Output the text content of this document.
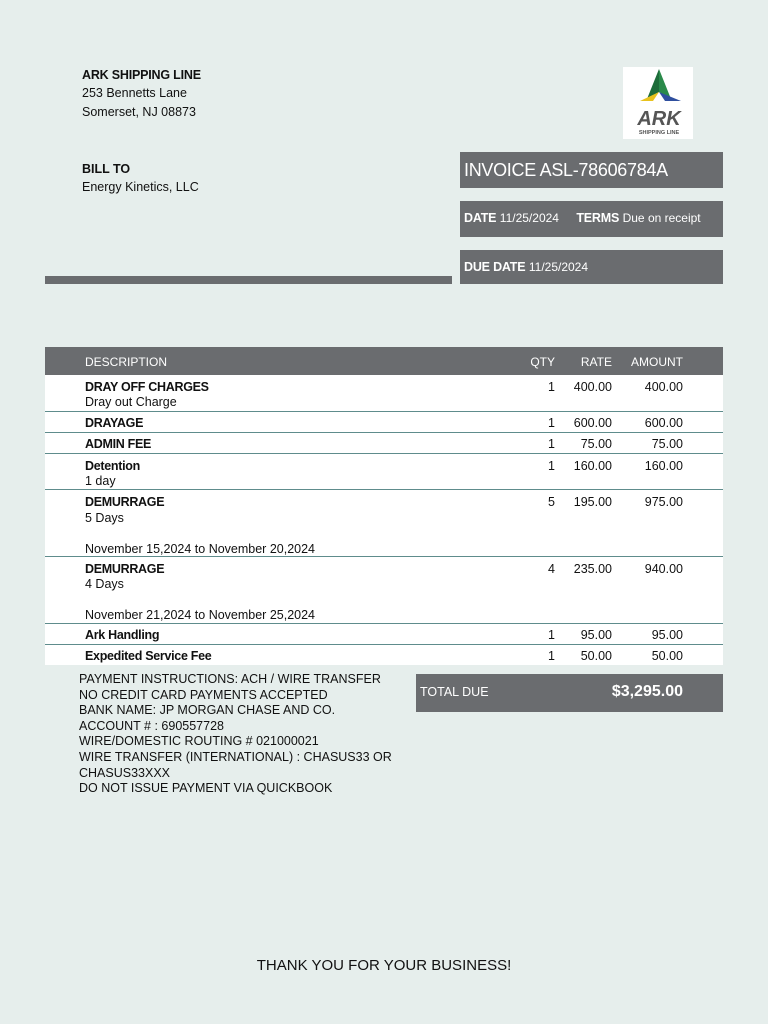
ARK SHIPPING LINE
253 Bennetts Lane
Somerset, NJ 08873	ARK
SHIPPING LINE
BILL TO
Energy Kinetics, LLC
INVOICE ASL-78606784A
DATE 11/25/2024 TERMS Due on receipt
DUE DATE 11/25/2024
DESCRIPTION	QTY RATE AMOUNT
DRAY OFF CHARGES
Dray out Charge
1 400.00	400.00
DRAYAGE	1 600.00	600.00
ADMIN FEE	1 75.00	75.00
Detention
1 day
1 160.00	160.00
DEMURRAGE
5 Days
November 15,2024 to November 20,2024
5 195.00	975.00
DEMURRAGE
4 Days
November 21,2024 to November 25,2024
4 235.00	940.00
Ark Handling	1 95.00	95.00
Expedited Service Fee	1 50.00	50.00
PAYMENT INSTRUCTIONS: ACH / WIRE TRANSFER
NO CREDIT CARD PAYMENTS ACCEPTED
BANK NAME: JP MORGAN CHASE AND CO.
ACCOUNT # : 690557728
WIRE/DOMESTIC ROUTING # 021000021
WIRE TRANSFER (INTERNATIONAL) : CHASUS33 OR
CHASUS33XXX
DO NOT ISSUE PAYMENT VIA QUICKBOOK
TOTAL DUE	$3,295.00
THANK YOU FOR YOUR BUSINESS!
